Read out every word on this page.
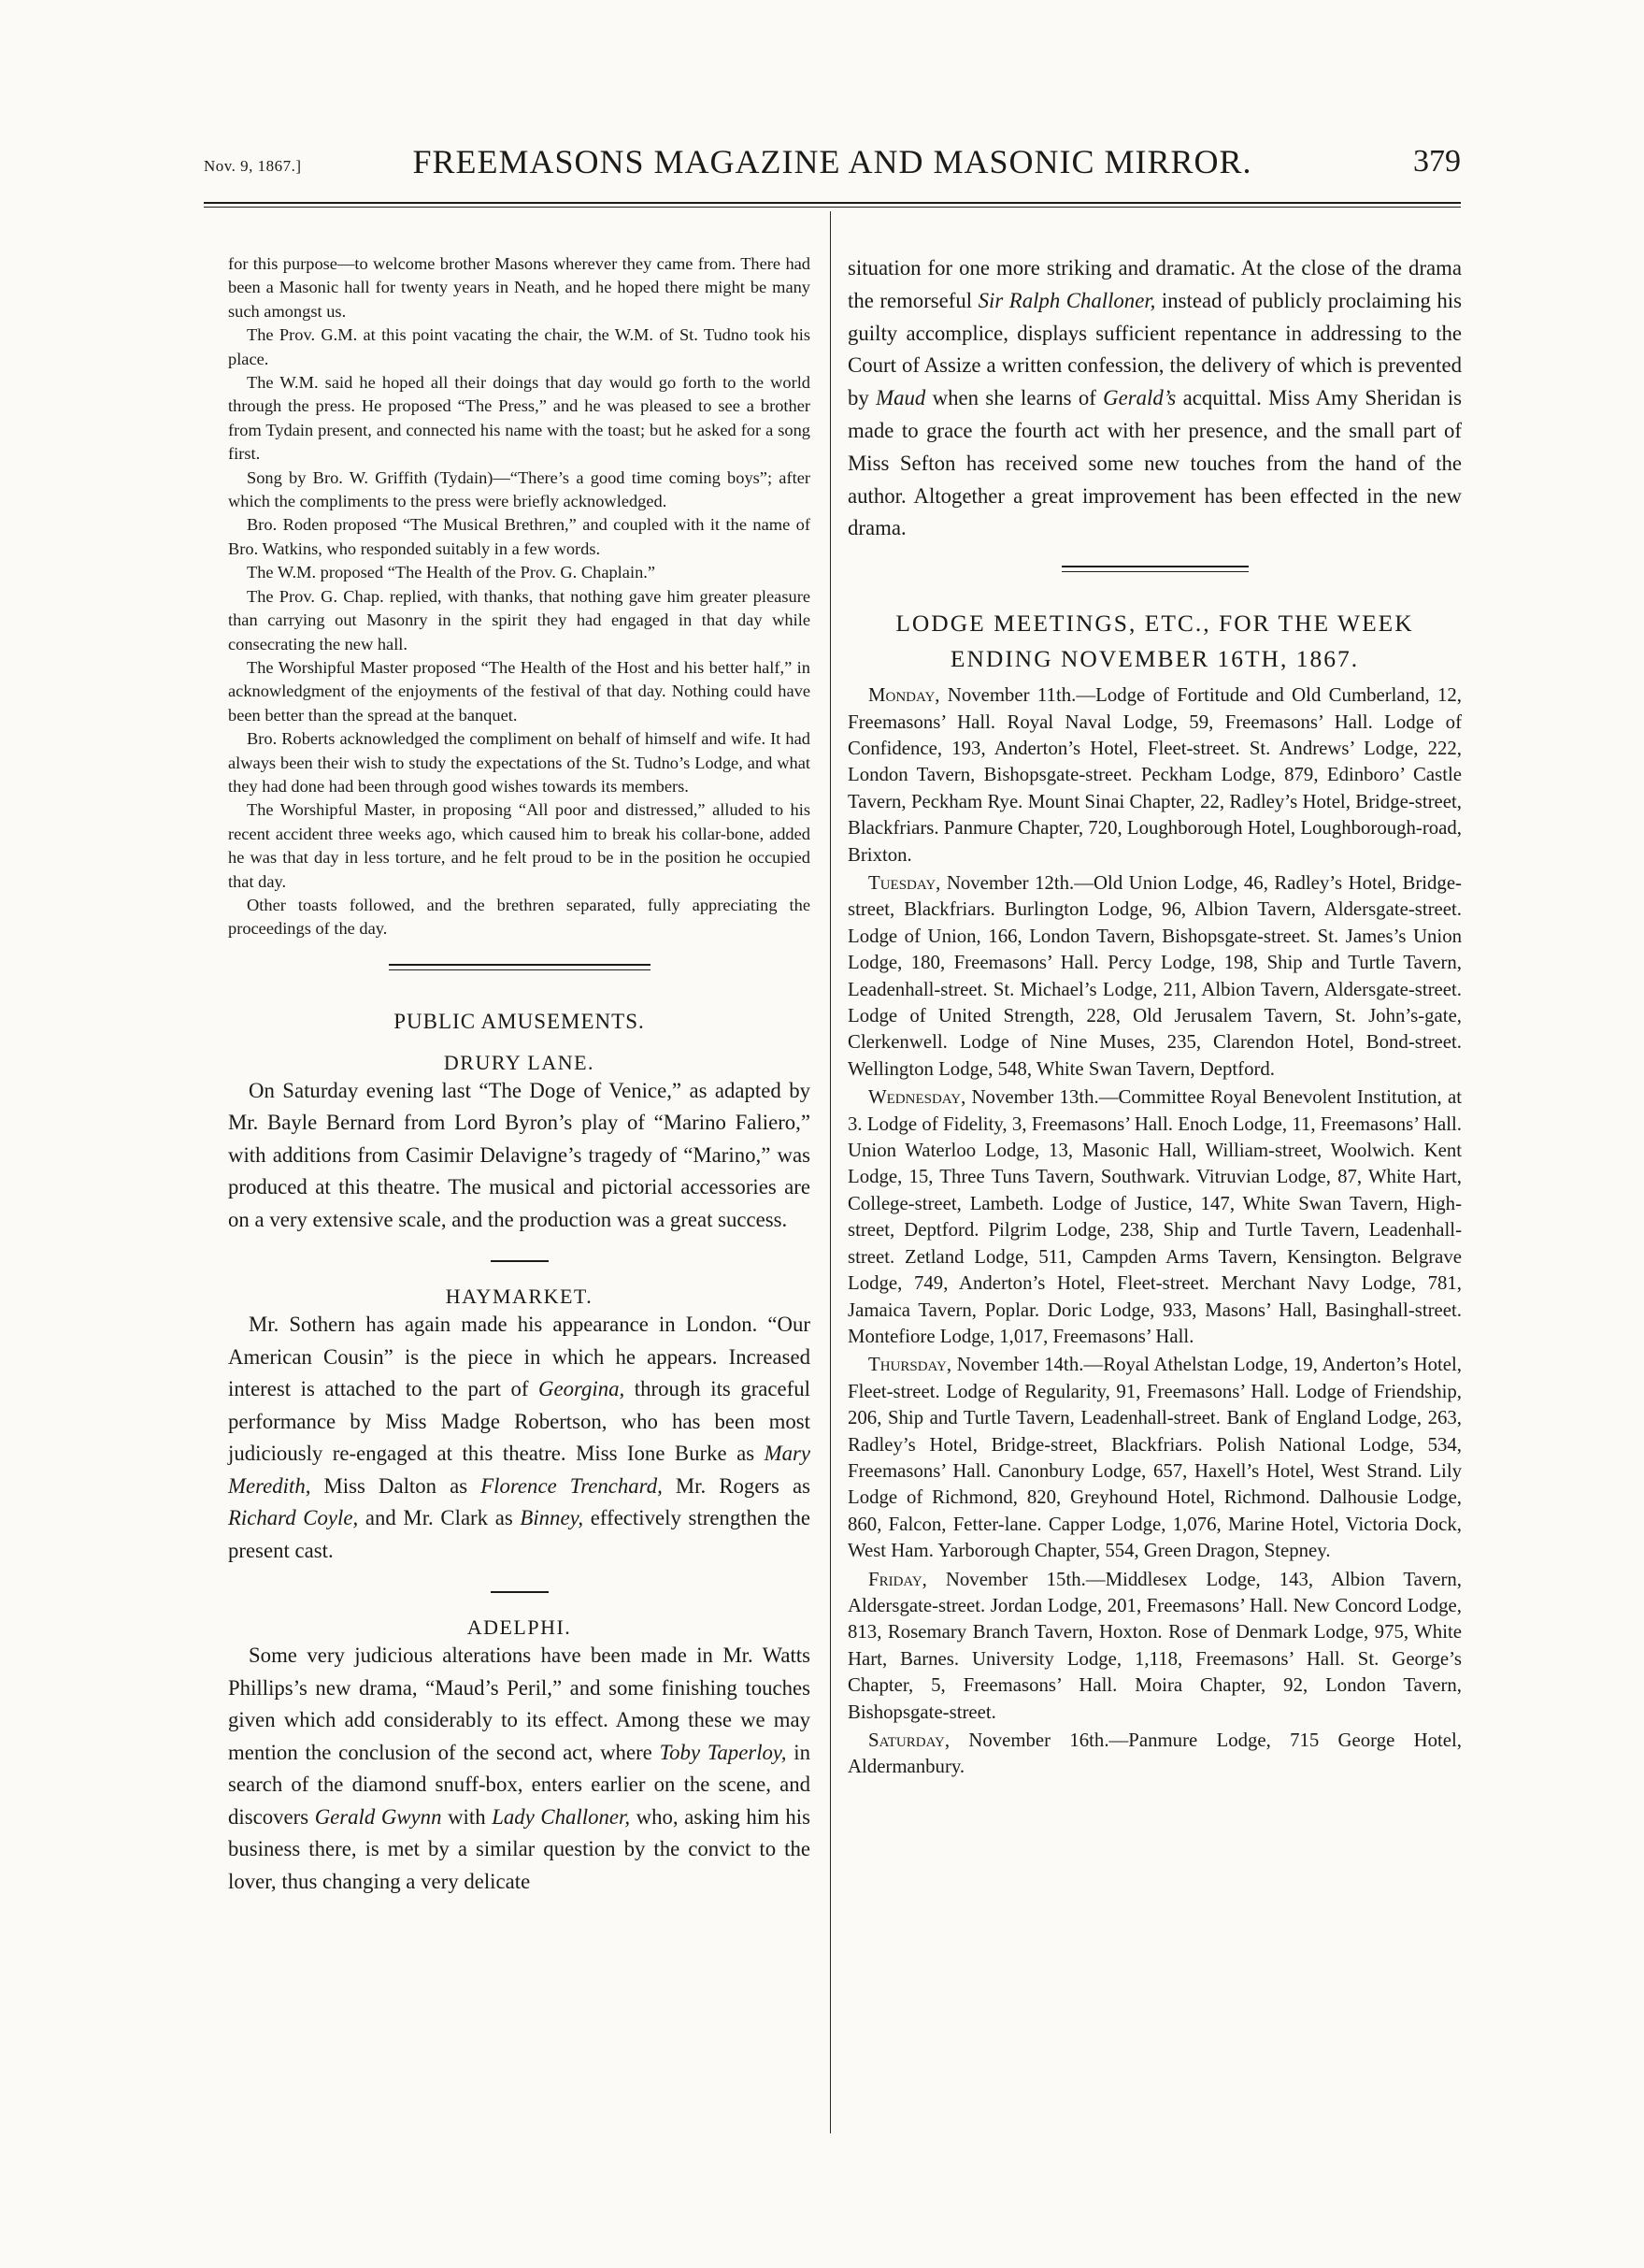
Nov. 9, 1867.]	FREEMASONS MAGAZINE AND MASONIC MIRROR.	379

for this purpose—to welcome brother Masons wherever they came from. There had been a Masonic hall for twenty years in Neath, and he hoped there might be many such amongst us.

The Prov. G.M. at this point vacating the chair, the W.M. of St. Tudno took his place.

The W.M. said he hoped all their doings that day would go forth to the world through the press. He proposed “The Press,” and he was pleased to see a brother from Tydain present, and connected his name with the toast; but he asked for a song first.

Song by Bro. W. Griffith (Tydain)—“There’s a good time coming boys”; after which the compliments to the press were briefly acknowledged.

Bro. Roden proposed “The Musical Brethren,” and coupled with it the name of Bro. Watkins, who responded suitably in a few words.

The W.M. proposed “The Health of the Prov. G. Chaplain.”

The Prov. G. Chap. replied, with thanks, that nothing gave him greater pleasure than carrying out Masonry in the spirit they had engaged in that day while consecrating the new hall.

The Worshipful Master proposed “The Health of the Host and his better half,” in acknowledgment of the enjoyments of the festival of that day. Nothing could have been better than the spread at the banquet.

Bro. Roberts acknowledged the compliment on behalf of himself and wife. It had always been their wish to study the expectations of the St. Tudno’s Lodge, and what they had done had been through good wishes towards its members.

The Worshipful Master, in proposing “All poor and distressed,” alluded to his recent accident three weeks ago, which caused him to break his collar-bone, added he was that day in less torture, and he felt proud to be in the position he occupied that day.

Other toasts followed, and the brethren separated, fully appreciating the proceedings of the day.

PUBLIC AMUSEMENTS.
DRURY LANE.

On Saturday evening last “The Doge of Venice,” as adapted by Mr. Bayle Bernard from Lord Byron’s play of “Marino Faliero,” with additions from Casimir Delavigne’s tragedy of “Marino,” was produced at this theatre. The musical and pictorial accessories are on a very extensive scale, and the production was a great success.

HAYMARKET.

Mr. Sothern has again made his appearance in London. “Our American Cousin” is the piece in which he appears. Increased interest is attached to the part of Georgina, through its graceful performance by Miss Madge Robertson, who has been most judiciously re-engaged at this theatre. Miss Ione Burke as Mary Meredith, Miss Dalton as Florence Trenchard, Mr. Rogers as Richard Coyle, and Mr. Clark as Binney, effectively strengthen the present cast.

ADELPHI.

Some very judicious alterations have been made in Mr. Watts Phillips’s new drama, “Maud’s Peril,” and some finishing touches given which add considerably to its effect. Among these we may mention the conclusion of the second act, where Toby Taperloy, in search of the diamond snuff-box, enters earlier on the scene, and discovers Gerald Gwynn with Lady Challoner, who, asking him his business there, is met by a similar question by the convict to the lover, thus changing a very delicate

situation for one more striking and dramatic. At the close of the drama the remorseful Sir Ralph Challoner, instead of publicly proclaiming his guilty accomplice, displays sufficient repentance in addressing to the Court of Assize a written confession, the delivery of which is prevented by Maud when she learns of Gerald’s acquittal. Miss Amy Sheridan is made to grace the fourth act with her presence, and the small part of Miss Sefton has received some new touches from the hand of the author. Altogether a great improvement has been effected in the new drama.

LODGE MEETINGS, ETC., FOR THE WEEK
ENDING NOVEMBER 16TH, 1867.

Monday, November 11th.—Lodge of Fortitude and Old Cumberland, 12, Freemasons’ Hall. Royal Naval Lodge, 59, Freemasons’ Hall. Lodge of Confidence, 193, Anderton’s Hotel, Fleet-street. St. Andrews’ Lodge, 222, London Tavern, Bishopsgate-street. Peckham Lodge, 879, Edinboro’ Castle Tavern, Peckham Rye. Mount Sinai Chapter, 22, Radley’s Hotel, Bridge-street, Blackfriars. Panmure Chapter, 720, Loughborough Hotel, Loughborough-road, Brixton.

Tuesday, November 12th.—Old Union Lodge, 46, Radley’s Hotel, Bridge-street, Blackfriars. Burlington Lodge, 96, Albion Tavern, Aldersgate-street. Lodge of Union, 166, London Tavern, Bishopsgate-street. St. James’s Union Lodge, 180, Freemasons’ Hall. Percy Lodge, 198, Ship and Turtle Tavern, Leadenhall-street. St. Michael’s Lodge, 211, Albion Tavern, Aldersgate-street. Lodge of United Strength, 228, Old Jerusalem Tavern, St. John’s-gate, Clerkenwell. Lodge of Nine Muses, 235, Clarendon Hotel, Bond-street. Wellington Lodge, 548, White Swan Tavern, Deptford.

Wednesday, November 13th.—Committee Royal Benevolent Institution, at 3. Lodge of Fidelity, 3, Freemasons’ Hall. Enoch Lodge, 11, Freemasons’ Hall. Union Waterloo Lodge, 13, Masonic Hall, William-street, Woolwich. Kent Lodge, 15, Three Tuns Tavern, Southwark. Vitruvian Lodge, 87, White Hart, College-street, Lambeth. Lodge of Justice, 147, White Swan Tavern, High-street, Deptford. Pilgrim Lodge, 238, Ship and Turtle Tavern, Leadenhall-street. Zetland Lodge, 511, Campden Arms Tavern, Kensington. Belgrave Lodge, 749, Anderton’s Hotel, Fleet-street. Merchant Navy Lodge, 781, Jamaica Tavern, Poplar. Doric Lodge, 933, Masons’ Hall, Basinghall-street. Montefiore Lodge, 1,017, Freemasons’ Hall.

Thursday, November 14th.—Royal Athelstan Lodge, 19, Anderton’s Hotel, Fleet-street. Lodge of Regularity, 91, Freemasons’ Hall. Lodge of Friendship, 206, Ship and Turtle Tavern, Leadenhall-street. Bank of England Lodge, 263, Radley’s Hotel, Bridge-street, Blackfriars. Polish National Lodge, 534, Freemasons’ Hall. Canonbury Lodge, 657, Haxell’s Hotel, West Strand. Lily Lodge of Richmond, 820, Greyhound Hotel, Richmond. Dalhousie Lodge, 860, Falcon, Fetter-lane. Capper Lodge, 1,076, Marine Hotel, Victoria Dock, West Ham. Yarborough Chapter, 554, Green Dragon, Stepney.

Friday, November 15th.—Middlesex Lodge, 143, Albion Tavern, Aldersgate-street. Jordan Lodge, 201, Freemasons’ Hall. New Concord Lodge, 813, Rosemary Branch Tavern, Hoxton. Rose of Denmark Lodge, 975, White Hart, Barnes. University Lodge, 1,118, Freemasons’ Hall. St. George’s Chapter, 5, Freemasons’ Hall. Moira Chapter, 92, London Tavern, Bishopsgate-street.

Saturday, November 16th.—Panmure Lodge, 715 George Hotel, Aldermanbury.
